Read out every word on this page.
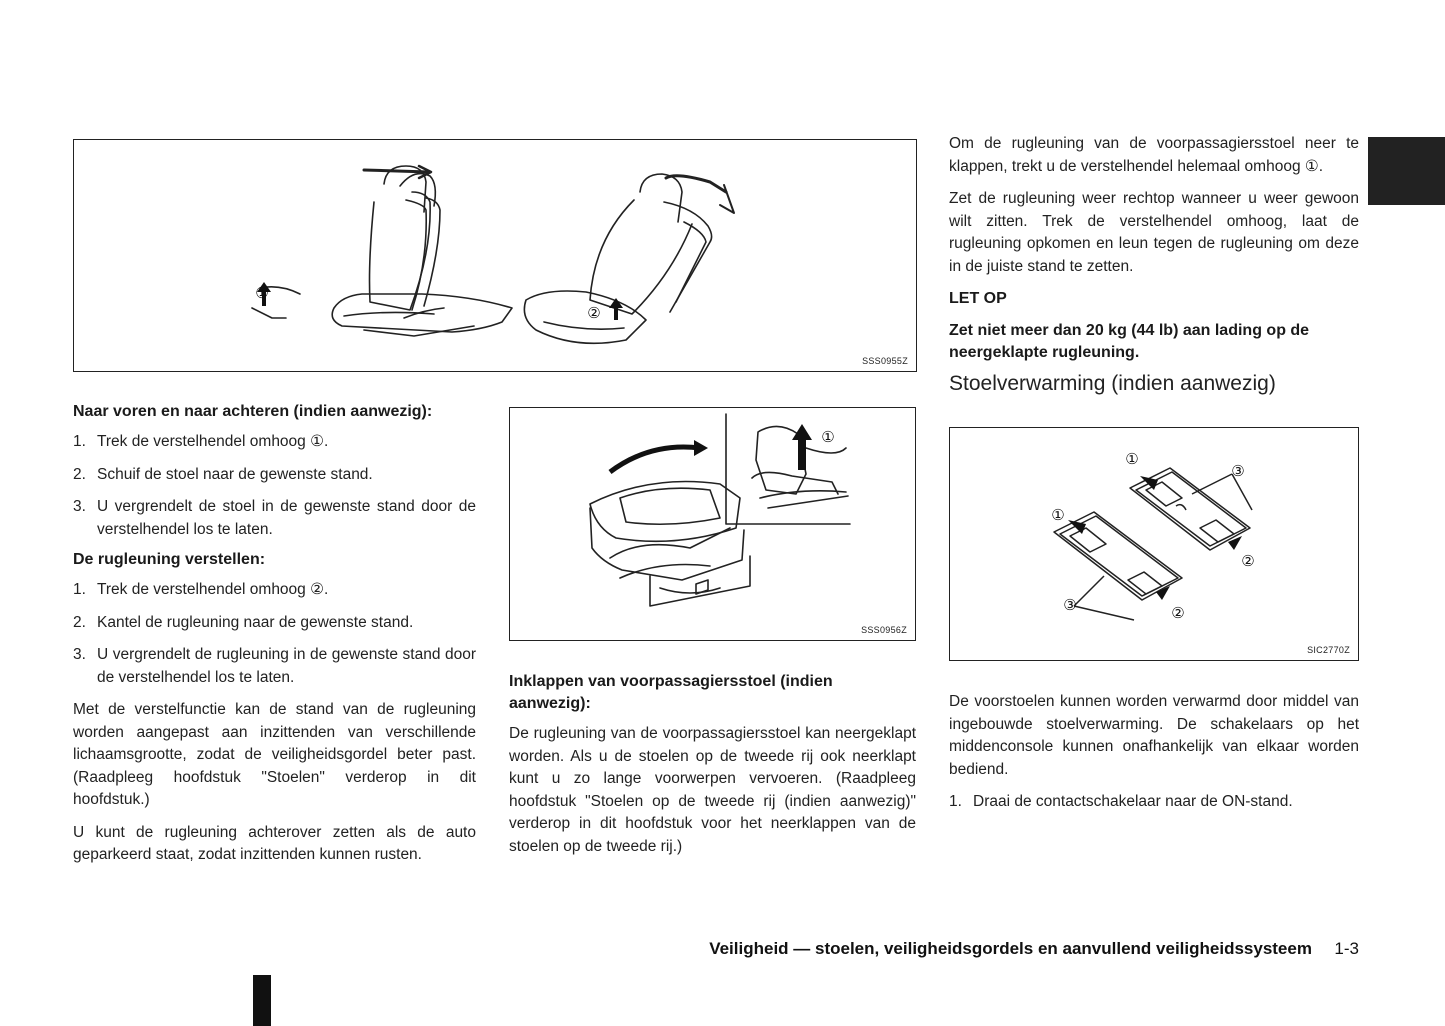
①
②
SSS0955Z

Naar voren en naar achteren (indien aanwezig):

1. Trek de verstelhendel omhoog ①.
2. Schuif de stoel naar de gewenste stand.
3. U vergrendelt de stoel in de gewenste stand door de verstelhendel los te laten.

De rugleuning verstellen:

1. Trek de verstelhendel omhoog ②.
2. Kantel de rugleuning naar de gewenste stand.
3. U vergrendelt de rugleuning in de gewenste stand door de verstelhendel los te laten.

Met de verstelfunctie kan de stand van de rugleuning worden aangepast aan inzittenden van verschillende lichaamsgrootte, zodat de veiligheidsgordel beter past. (Raadpleeg hoofdstuk "Stoelen" verderop in dit hoofdstuk.)

U kunt de rugleuning achterover zetten als de auto geparkeerd staat, zodat inzittenden kunnen rusten.

①
SSS0956Z

Inklappen van voorpassagiersstoel (indien aanwezig):

De rugleuning van de voorpassagiersstoel kan neergeklapt worden. Als u de stoelen op de tweede rij ook neerklapt kunt u zo lange voorwerpen vervoeren. (Raadpleeg hoofdstuk "Stoelen op de tweede rij (indien aanwezig)" verderop in dit hoofdstuk voor het neerklappen van de stoelen op de tweede rij.)

Om de rugleuning van de voorpassagiersstoel neer te klappen, trekt u de verstelhendel helemaal omhoog ①.

Zet de rugleuning weer rechtop wanneer u weer gewoon wilt zitten. Trek de verstelhendel omhoog, laat de rugleuning opkomen en leun tegen de rugleuning om deze in de juiste stand te zetten.

LET OP

Zet niet meer dan 20 kg (44 lb) aan lading op de neergeklapte rugleuning.

Stoelverwarming (indien aanwezig)
①
①
③
③
②
②
SIC2770Z

De voorstoelen kunnen worden verwarmd door middel van ingebouwde stoelverwarming. De schakelaars op het middenconsole kunnen onafhankelijk van elkaar worden bediend.

1. Draai de contactschakelaar naar de ON-stand.
Veiligheid — stoelen, veiligheidsgordels en aanvullend veiligheidssysteem 1-3
